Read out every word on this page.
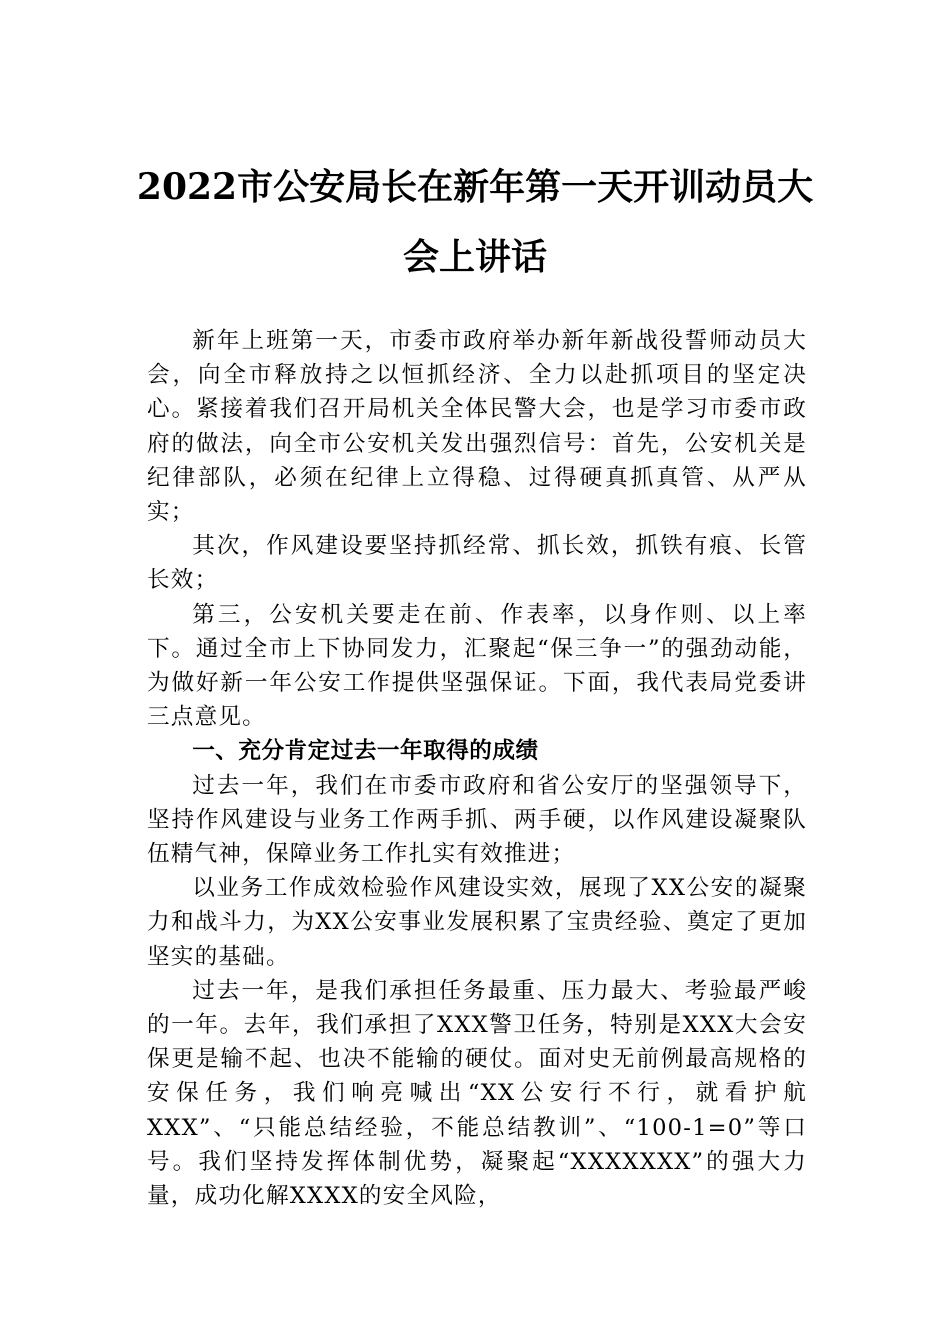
2022市公安局长在新年第一天开训动员大
会上讲话

新年上班第一天，市委市政府举办新年新战役誓师动员大会，向全市释放持之以恒抓经济、全力以赴抓项目的坚定决心。紧接着我们召开局机关全体民警大会，也是学习市委市政府的做法，向全市公安机关发出强烈信号：首先，公安机关是纪律部队，必须在纪律上立得稳、过得硬真抓真管、从严从实；

其次，作风建设要坚持抓经常、抓长效，抓铁有痕、长管长效；

第三，公安机关要走在前、作表率，以身作则、以上率下。通过全市上下协同发力，汇聚起“保三争一”的强劲动能，为做好新一年公安工作提供坚强保证。下面，我代表局党委讲三点意见。

一、充分肯定过去一年取得的成绩

过去一年，我们在市委市政府和省公安厅的坚强领导下，坚持作风建设与业务工作两手抓、两手硬，以作风建设凝聚队伍精气神，保障业务工作扎实有效推进；

以业务工作成效检验作风建设实效，展现了XX公安的凝聚力和战斗力，为XX公安事业发展积累了宝贵经验、奠定了更加坚实的基础。

过去一年，是我们承担任务最重、压力最大、考验最严峻的一年。去年，我们承担了XXX警卫任务，特别是XXX大会安保更是输不起、也决不能输的硬仗。面对史无前例最高规格的安保任务，我们响亮喊出“XX公安行不行，就看护航XXX”、“只能总结经验，不能总结教训”、“100-1=0”等口号。我们坚持发挥体制优势，凝聚起“XXXXXXX”的强大力量，成功化解XXXX的安全风险，
